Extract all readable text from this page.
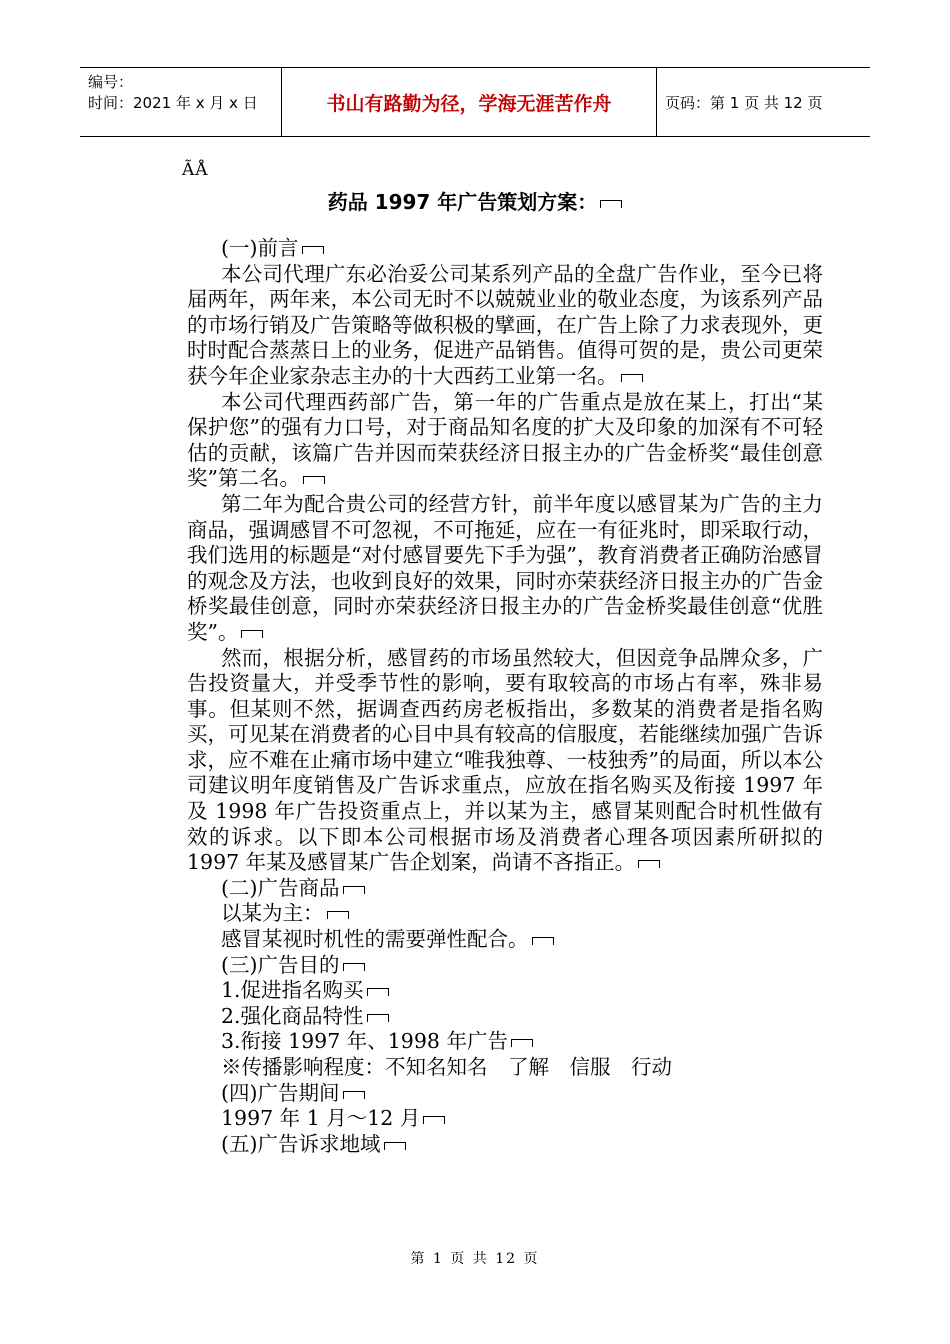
编号：
时间：2021 年 x 月 x 日	书山有路勤为径，学海无涯苦作舟	页码：第 1 页 共 12 页
ÃÅ
药品 1997 年广告策划方案：

(一)前言

本公司代理广东必治妥公司某系列产品的全盘广告作业，至今已将届两年，两年来，本公司无时不以兢兢业业的敬业态度，为该系列产品的市场行销及广告策略等做积极的擘画，在广告上除了力求表现外，更时时配合蒸蒸日上的业务，促进产品销售。值得可贺的是，贵公司更荣获今年企业家杂志主办的十大西药工业第一名。

本公司代理西药部广告，第一年的广告重点是放在某上，打出“某保护您”的强有力口号，对于商品知名度的扩大及印象的加深有不可轻估的贡献，该篇广告并因而荣获经济日报主办的广告金桥奖“最佳创意奖”第二名。

第二年为配合贵公司的经营方针，前半年度以感冒某为广告的主力商品，强调感冒不可忽视，不可拖延，应在一有征兆时，即采取行动，我们选用的标题是“对付感冒要先下手为强”，教育消费者正确防治感冒的观念及方法，也收到良好的效果，同时亦荣获经济日报主办的广告金桥奖最佳创意，同时亦荣获经济日报主办的广告金桥奖最佳创意“优胜奖”。

然而，根据分析，感冒药的市场虽然较大，但因竞争品牌众多，广告投资量大，并受季节性的影响，要有取较高的市场占有率，殊非易事。但某则不然，据调查西药房老板指出，多数某的消费者是指名购买，可见某在消费者的心目中具有较高的信服度，若能继续加强广告诉求，应不难在止痛市场中建立“唯我独尊、一枝独秀”的局面，所以本公司建议明年度销售及广告诉求重点，应放在指名购买及衔接 1997 年及 1998 年广告投资重点上，并以某为主，感冒某则配合时机性做有效的诉求。以下即本公司根据市场及消费者心理各项因素所研拟的 1997 年某及感冒某广告企划案，尚请不吝指正。

(二)广告商品

以某为主：

感冒某视时机性的需要弹性配合。

(三)广告目的

1.促进指名购买

2.强化商品特性

3.衔接 1997 年、1998 年广告

※传播影响程度：不知名知名　了解　信服　行动

(四)广告期间

1997 年 1 月～12 月

(五)广告诉求地域

第 1 页 共 12 页
